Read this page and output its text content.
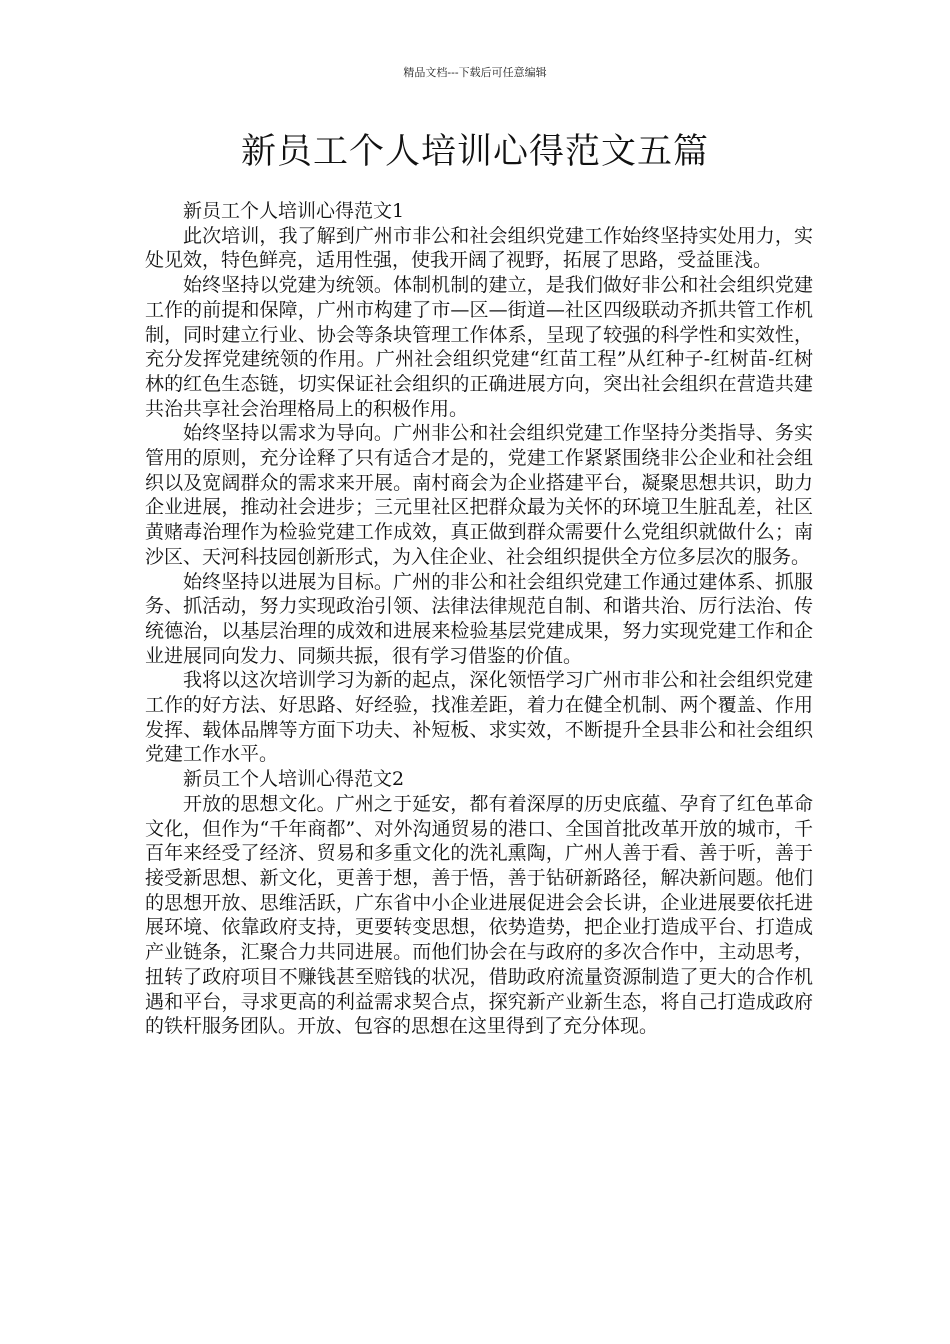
精品文档---下载后可任意编辑
新员工个人培训心得范文五篇

新员工个人培训心得范文1

此次培训，我了解到广州市非公和社会组织党建工作始终坚持实处用力，实处见效，特色鲜亮，适用性强，使我开阔了视野，拓展了思路，受益匪浅。

始终坚持以党建为统领。体制机制的建立，是我们做好非公和社会组织党建工作的前提和保障，广州市构建了市—区—街道—社区四级联动齐抓共管工作机制，同时建立行业、协会等条块管理工作体系，呈现了较强的科学性和实效性，充分发挥党建统领的作用。广州社会组织党建“红苗工程”从红种子-红树苗-红树林的红色生态链，切实保证社会组织的正确进展方向，突出社会组织在营造共建共治共享社会治理格局上的积极作用。

始终坚持以需求为导向。广州非公和社会组织党建工作坚持分类指导、务实管用的原则，充分诠释了只有适合才是的，党建工作紧紧围绕非公企业和社会组织以及宽阔群众的需求来开展。南村商会为企业搭建平台，凝聚思想共识，助力企业进展，推动社会进步；三元里社区把群众最为关怀的环境卫生脏乱差，社区黄赌毒治理作为检验党建工作成效，真正做到群众需要什么党组织就做什么；南沙区、天河科技园创新形式，为入住企业、社会组织提供全方位多层次的服务。

始终坚持以进展为目标。广州的非公和社会组织党建工作通过建体系、抓服务、抓活动，努力实现政治引领、法律法律规范自制、和谐共治、厉行法治、传统德治，以基层治理的成效和进展来检验基层党建成果，努力实现党建工作和企业进展同向发力、同频共振，很有学习借鉴的价值。

我将以这次培训学习为新的起点，深化领悟学习广州市非公和社会组织党建工作的好方法、好思路、好经验，找准差距，着力在健全机制、两个覆盖、作用发挥、载体品牌等方面下功夫、补短板、求实效，不断提升全县非公和社会组织党建工作水平。

新员工个人培训心得范文2

开放的思想文化。广州之于延安，都有着深厚的历史底蕴、孕育了红色革命文化，但作为“千年商都”、对外沟通贸易的港口、全国首批改革开放的城市，千百年来经受了经济、贸易和多重文化的洗礼熏陶，广州人善于看、善于听，善于接受新思想、新文化，更善于想，善于悟，善于钻研新路径，解决新问题。他们的思想开放、思维活跃，广东省中小企业进展促进会会长讲，企业进展要依托进展环境、依靠政府支持，更要转变思想，依势造势，把企业打造成平台、打造成产业链条，汇聚合力共同进展。而他们协会在与政府的多次合作中，主动思考，扭转了政府项目不赚钱甚至赔钱的状况，借助政府流量资源制造了更大的合作机遇和平台，寻求更高的利益需求契合点，探究新产业新生态，将自己打造成政府的铁杆服务团队。开放、包容的思想在这里得到了充分体现。
